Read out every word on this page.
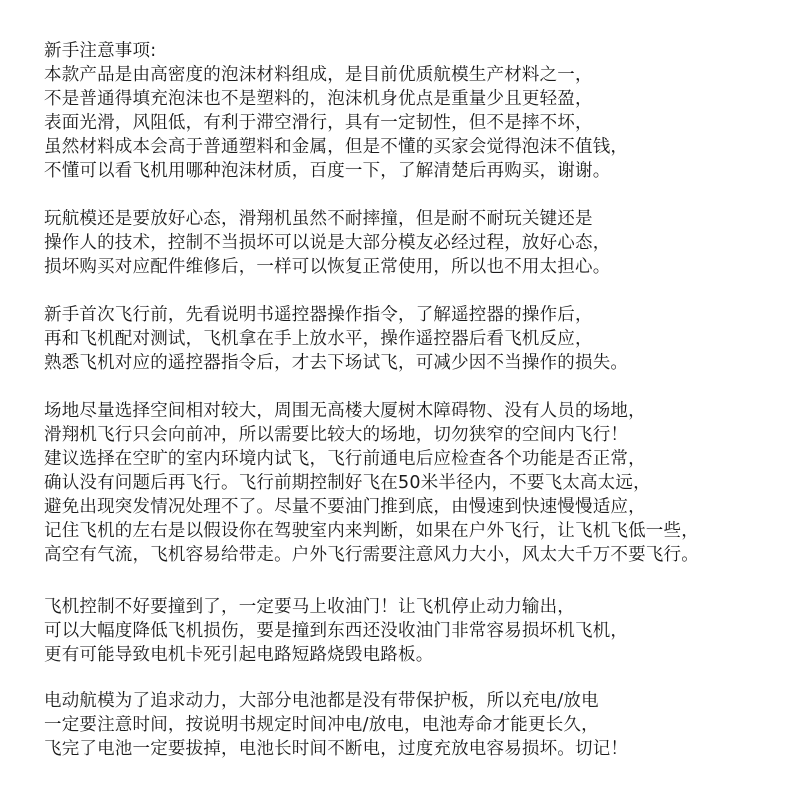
新手注意事项:
本款产品是由高密度的泡沫材料组成，是目前优质航模生产材料之一，
不是普通得填充泡沫也不是塑料的，泡沫机身优点是重量少且更轻盈，
表面光滑，风阻低，有利于滞空滑行，具有一定韧性，但不是摔不坏，
虽然材料成本会高于普通塑料和金属，但是不懂的买家会觉得泡沫不值钱，
不懂可以看飞机用哪种泡沫材质，百度一下，了解清楚后再购买，谢谢。
玩航模还是要放好心态，滑翔机虽然不耐摔撞，但是耐不耐玩关键还是
操作人的技术，控制不当损坏可以说是大部分模友必经过程，放好心态，
损坏购买对应配件维修后，一样可以恢复正常使用，所以也不用太担心。
新手首次飞行前，先看说明书遥控器操作指令，了解遥控器的操作后，
再和飞机配对测试，飞机拿在手上放水平，操作遥控器后看飞机反应，
熟悉飞机对应的遥控器指令后，才去下场试飞，可减少因不当操作的损失。
场地尽量选择空间相对较大，周围无高楼大厦树木障碍物、没有人员的场地，
滑翔机飞行只会向前冲，所以需要比较大的场地，切勿狭窄的空间内飞行！
建议选择在空旷的室内环境内试飞，飞行前通电后应检查各个功能是否正常，
确认没有问题后再飞行。飞行前期控制好飞在50米半径内，不要飞太高太远，
避免出现突发情况处理不了。尽量不要油门推到底，由慢速到快速慢慢适应，
记住飞机的左右是以假设你在驾驶室内来判断，如果在户外飞行，让飞机飞低一些，
高空有气流，飞机容易给带走。户外飞行需要注意风力大小，风太大千万不要飞行。
飞机控制不好要撞到了，一定要马上收油门！让飞机停止动力输出，
可以大幅度降低飞机损伤，要是撞到东西还没收油门非常容易损坏机飞机，
更有可能导致电机卡死引起电路短路烧毁电路板。
电动航模为了追求动力，大部分电池都是没有带保护板，所以充电/放电
一定要注意时间，按说明书规定时间冲电/放电，电池寿命才能更长久，
飞完了电池一定要拔掉，电池长时间不断电，过度充放电容易损坏。切记！
